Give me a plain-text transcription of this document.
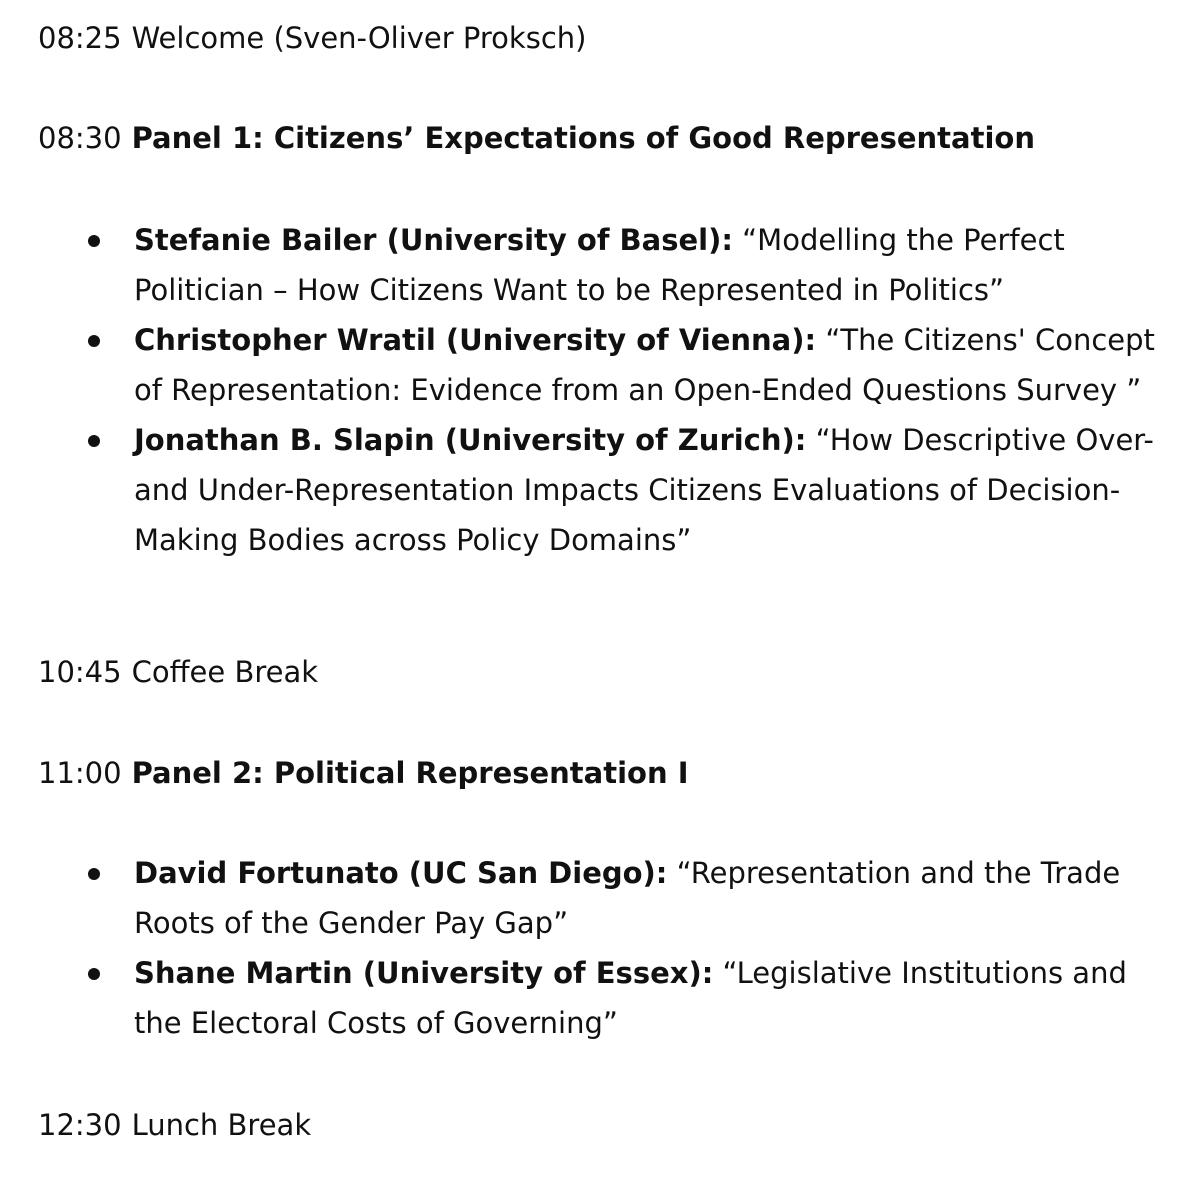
08:25 Welcome (Sven-Oliver Proksch)
08:30 Panel 1: Citizens’ Expectations of Good Representation
Stefanie Bailer (University of Basel): “Modelling the Perfect Politician – How Citizens Want to be Represented in Politics”
Christopher Wratil (University of Vienna): “The Citizens' Concept of Representation: Evidence from an Open-Ended Questions Survey ”
Jonathan B. Slapin (University of Zurich): “How Descriptive Over- and Under-Representation Impacts Citizens Evaluations of Decision-Making Bodies across Policy Domains”
10:45 Coffee Break
11:00 Panel 2: Political Representation I
David Fortunato (UC San Diego): “Representation and the Trade Roots of the Gender Pay Gap”
Shane Martin (University of Essex): “Legislative Institutions and the Electoral Costs of Governing”
12:30 Lunch Break
